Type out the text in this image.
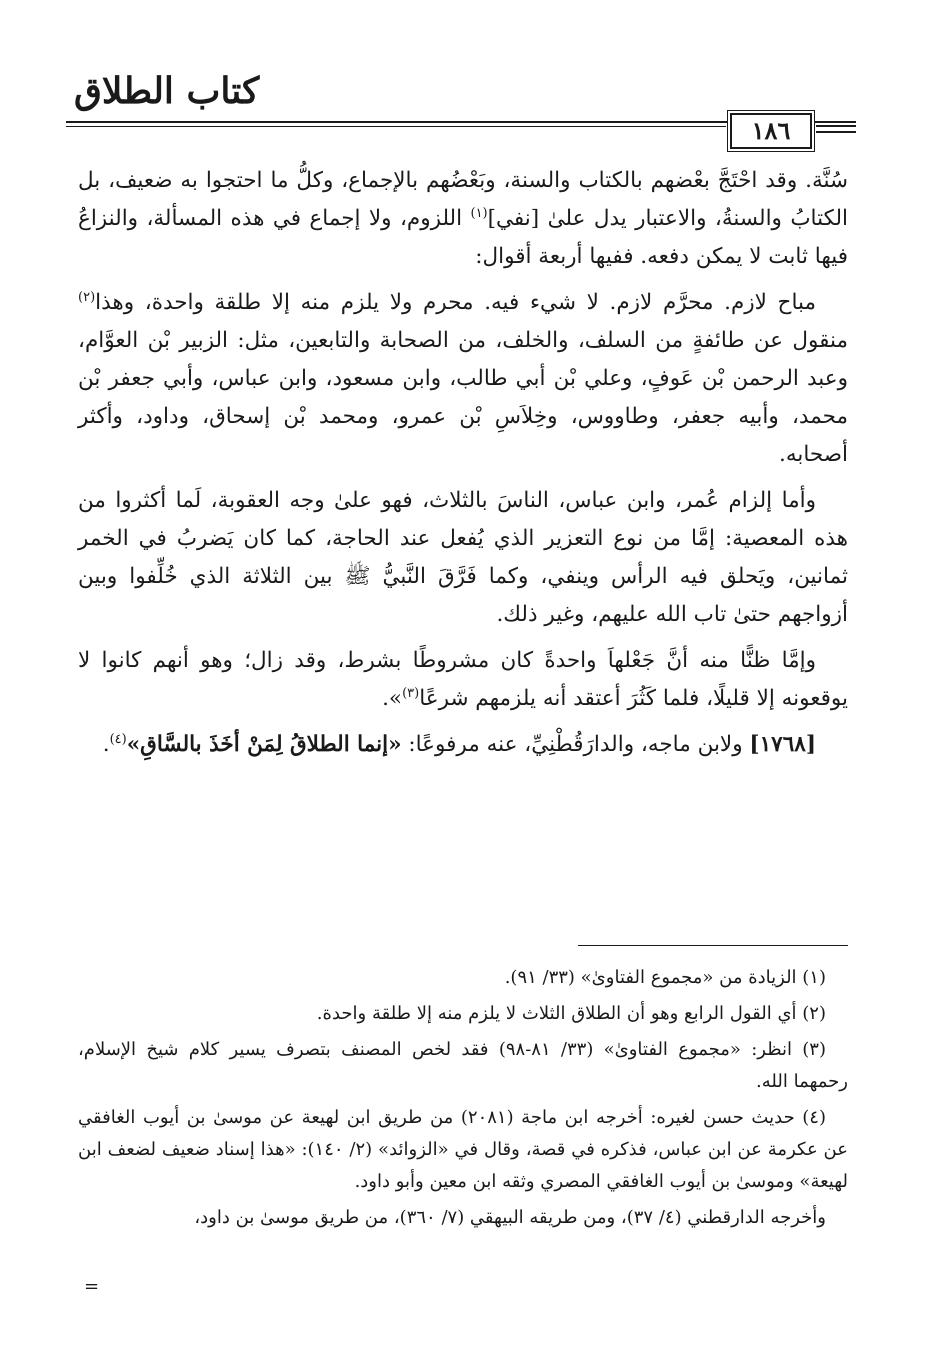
كتاب الطلاق
١٨٦

سُنَّة. وقد احْتَجَّ بعْضهم بالكتاب والسنة، وبَعْضُهم بالإجماع، وكلُّ ما احتجوا به ضعيف، بل الكتابُ والسنةُ، والاعتبار يدل علىٰ [نفي]$^{(١)}$ اللزوم، ولا إجماع في هذه المسألة، والنزاعُ فيها ثابت لا يمكن دفعه. ففيها أربعة أقوال:

مباح لازم. محرَّم لازم. لا شيء فيه. محرم ولا يلزم منه إلا طلقة واحدة، وهذا$^{(٢)}$ منقول عن طائفةٍ من السلف، والخلف، من الصحابة والتابعين، مثل: الزبير بْن العوَّام، وعبد الرحمن بْن عَوفٍ، وعلي بْن أبي طالب، وابن مسعود، وابن عباس، وأبي جعفر بْن محمد، وأبيه جعفر، وطاووس، وخِلاَسِ بْن عمرو، ومحمد بْن إسحاق، وداود، وأكثر أصحابه.

وأما إلزام عُمر، وابن عباس، الناسَ بالثلاث، فهو علىٰ وجه العقوبة، لَما أكثروا من هذه المعصية: إمَّا من نوع التعزير الذي يُفعل عند الحاجة، كما كان يَضربُ في الخمر ثمانين، ويَحلق فيه الرأس وينفي، وكما فَرَّقَ النَّبيُّ ﷺ بين الثلاثة الذي خُلِّفوا وبين أزواجهم حتىٰ تاب الله عليهم، وغير ذلك.

وإمَّا ظنًّا منه أنَّ جَعْلهاَ واحدةً كان مشروطًا بشرط، وقد زال؛ وهو أنهم كانوا لا يوقعونه إلا قليلًا، فلما كَثُرَ أعتقد أنه يلزمهم شرعًا$^{(٣)}$».

[١٧٦٨] ولابن ماجه، والدارَقُطْنِيِّ، عنه مرفوعًا: «إنما الطلاقُ لِمَنْ أخَذَ بالسَّاقِ»$^{(٤)}$.

(١) الزيادة من «مجموع الفتاوىٰ» (٣٣/ ٩١).

(٢) أي القول الرابع وهو أن الطلاق الثلاث لا يلزم منه إلا طلقة واحدة.

(٣) انظر: «مجموع الفتاوىٰ» (٣٣/ ٨١-٩٨) فقد لخص المصنف بتصرف يسير كلام شيخ الإسلام، رحمهما الله.

(٤) حديث حسن لغيره: أخرجه ابن ماجة (٢٠٨١) من طريق ابن لهيعة عن موسىٰ بن أيوب الغافقي عن عكرمة عن ابن عباس، فذكره في قصة، وقال في «الزوائد» (٢/ ١٤٠): «هذا إسناد ضعيف لضعف ابن لهيعة» وموسىٰ بن أيوب الغافقي المصري وثقه ابن معين وأبو داود.

وأخرجه الدارقطني (٤/ ٣٧)، ومن طريقه البيهقي (٧/ ٣٦٠)، من طريق موسىٰ بن داود،

=
